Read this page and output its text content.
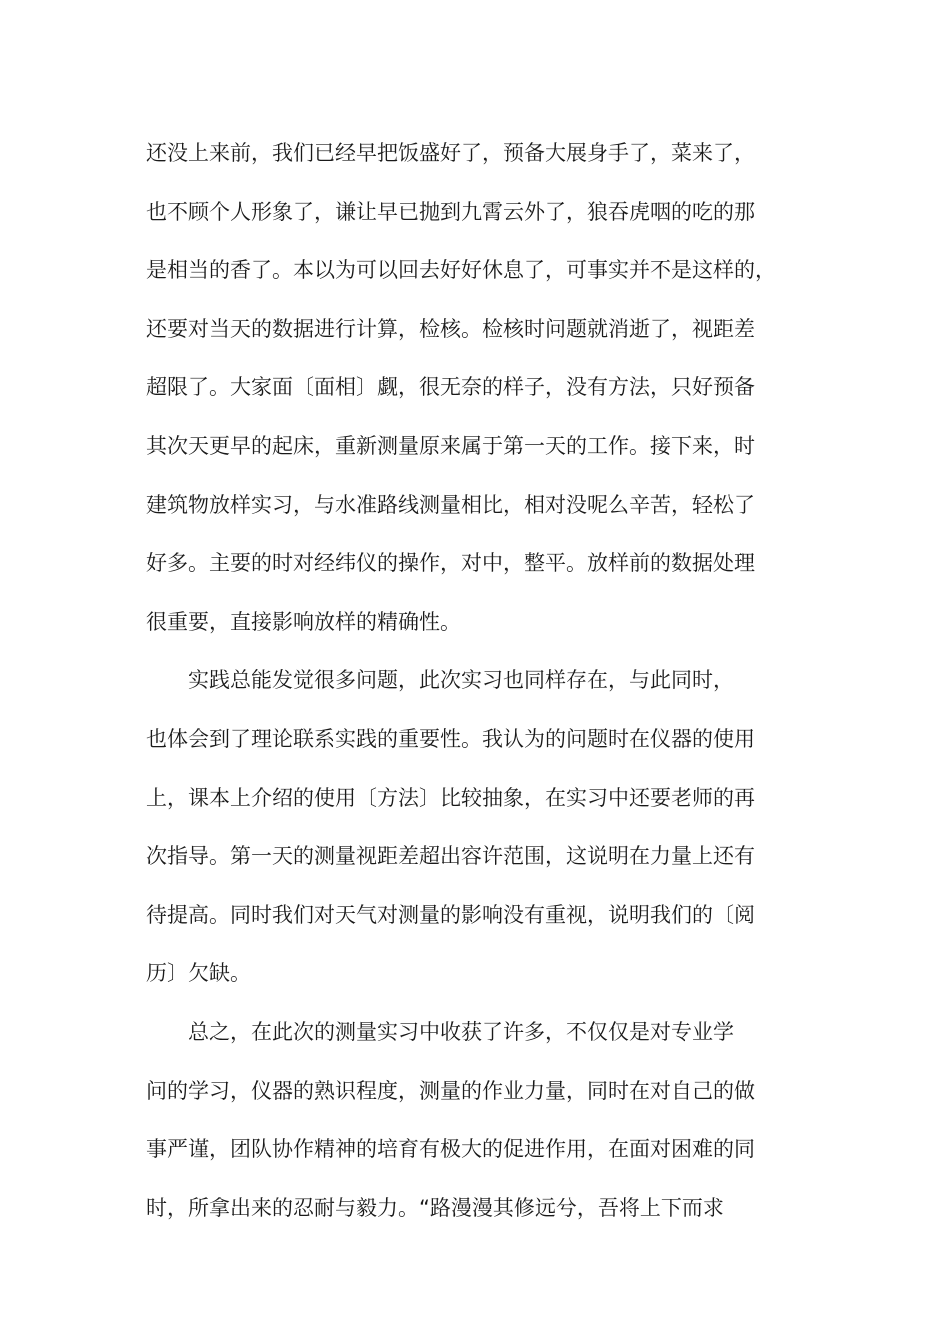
还没上来前，我们已经早把饭盛好了，预备大展身手了，菜来了，
也不顾个人形象了，谦让早已抛到九霄云外了，狼吞虎咽的吃的那
是相当的香了。本以为可以回去好好休息了，可事实并不是这样的，
还要对当天的数据进行计算，检核。检核时问题就消逝了，视距差
超限了。大家面〔面相〕觑，很无奈的样子，没有方法，只好预备
其次天更早的起床，重新测量原来属于第一天的工作。接下来，时
建筑物放样实习，与水准路线测量相比，相对没呢么辛苦，轻松了
好多。主要的时对经纬仪的操作，对中，整平。放样前的数据处理
很重要，直接影响放样的精确性。
　　实践总能发觉很多问题，此次实习也同样存在，与此同时，
也体会到了理论联系实践的重要性。我认为的问题时在仪器的使用
上，课本上介绍的使用〔方法〕比较抽象，在实习中还要老师的再
次指导。第一天的测量视距差超出容许范围，这说明在力量上还有
待提高。同时我们对天气对测量的影响没有重视，说明我们的〔阅
历〕欠缺。
　　总之，在此次的测量实习中收获了许多，不仅仅是对专业学
问的学习，仪器的熟识程度，测量的作业力量，同时在对自己的做
事严谨，团队协作精神的培育有极大的促进作用，在面对困难的同
时，所拿出来的忍耐与毅力。“路漫漫其修远兮，吾将上下而求
